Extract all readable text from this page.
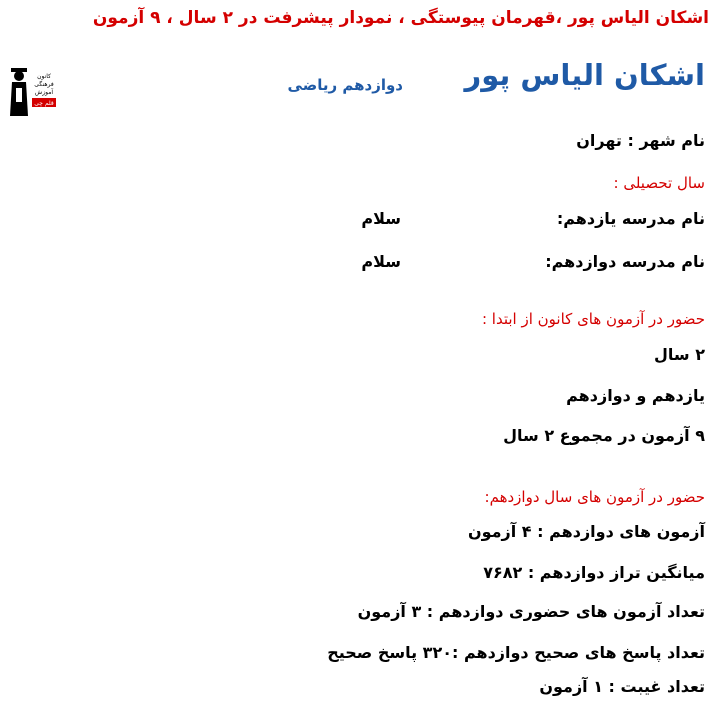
اشکان الیاس پور ،قهرمان پیوستگی ، نمودار پیشرفت در ۲ سال ، ۹ آزمون
کانون
فرهنگی
آموزش
قلم چی
اشکان الیاس پور
دوازدهم ریاضی
نام شهر : تهران
سال تحصیلی :
نام مدرسه یازدهم:
سلام
نام مدرسه دوازدهم:
سلام
حضور در آزمون های کانون از ابتدا :
۲ سال
یازدهم و دوازدهم
۹ آزمون در مجموع ۲ سال
حضور در آزمون های سال دوازدهم:
آزمون های دوازدهم : ۴ آزمون
میانگین تراز دوازدهم : ۷۶۸۲
تعداد آزمون های حضوری دوازدهم : ۳ آزمون
تعداد پاسخ های صحیح دوازدهم :۳۲۰ پاسخ صحیح
تعداد غیبت : ۱ آزمون
